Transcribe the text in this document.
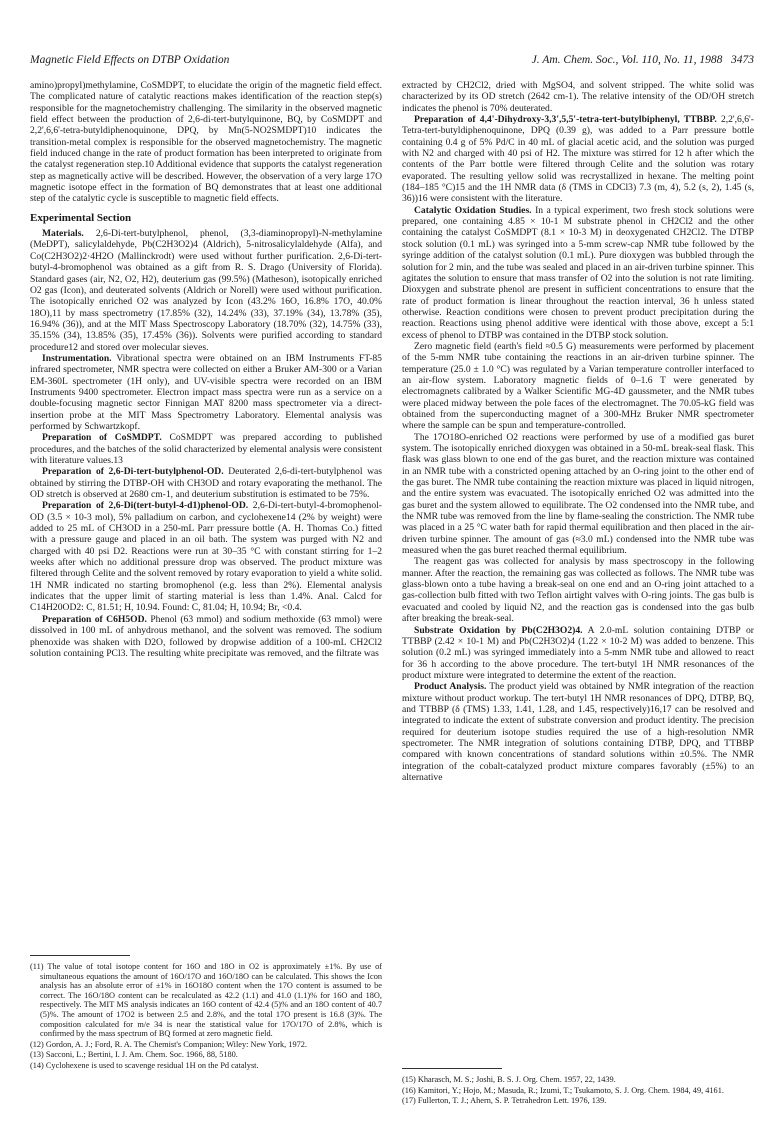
Magnetic Field Effects on DTBP Oxidation	J. Am. Chem. Soc., Vol. 110, No. 11, 1988 3473

amino)propyl)methylamine, CoSMDPT, to elucidate the origin of the magnetic field effect. The complicated nature of catalytic reactions makes identification of the reaction step(s) responsible for the magnetochemistry challenging. The similarity in the observed magnetic field effect between the production of 2,6-di-tert-butylquinone, BQ, by CoSMDPT and 2,2',6,6'-tetra-butyldiphenoquinone, DPQ, by Mn(5-NO2SMDPT)10 indicates the transition-metal complex is responsible for the observed magnetochemistry. The magnetic field induced change in the rate of product formation has been interpreted to originate from the catalyst regeneration step.10 Additional evidence that supports the catalyst regeneration step as magnetically active will be described. However, the observation of a very large 17O magnetic isotope effect in the formation of BQ demonstrates that at least one additional step of the catalytic cycle is susceptible to magnetic field effects.

Experimental Section

Materials. 2,6-Di-tert-butylphenol, phenol, (3,3-diaminopropyl)-N-methylamine (MeDPT), salicylaldehyde, Pb(C2H3O2)4 (Aldrich), 5-nitrosalicylaldehyde (Alfa), and Co(C2H3O2)2·4H2O (Mallinckrodt) were used without further purification. 2,6-Di-tert-butyl-4-bromophenol was obtained as a gift from R. S. Drago (University of Florida). Standard gases (air, N2, O2, H2), deuterium gas (99.5%) (Matheson), isotopically enriched O2 gas (Icon), and deuterated solvents (Aldrich or Norell) were used without purification. The isotopically enriched O2 was analyzed by Icon (43.2% 16O, 16.8% 17O, 40.0% 18O),11 by mass spectrometry (17.85% (32), 14.24% (33), 37.19% (34), 13.78% (35), 16.94% (36)), and at the MIT Mass Spectroscopy Laboratory (18.70% (32), 14.75% (33), 35.15% (34), 13.85% (35), 17.45% (36)). Solvents were purified according to standard procedure12 and stored over molecular sieves.

Instrumentation. Vibrational spectra were obtained on an IBM Instruments FT-85 infrared spectrometer, NMR spectra were collected on either a Bruker AM-300 or a Varian EM-360L spectrometer (1H only), and UV-visible spectra were recorded on an IBM Instruments 9400 spectrometer. Electron impact mass spectra were run as a service on a double-focusing magnetic sector Finnigan MAT 8200 mass spectrometer via a direct-insertion probe at the MIT Mass Spectrometry Laboratory. Elemental analysis was performed by Schwartzkopf.

Preparation of CoSMDPT. CoSMDPT was prepared according to published procedures, and the batches of the solid characterized by elemental analysis were consistent with literature values.13

Preparation of 2,6-Di-tert-butylphenol-OD. Deuterated 2,6-di-tert-butylphenol was obtained by stirring the DTBP-OH with CH3OD and rotary evaporating the methanol. The OD stretch is observed at 2680 cm-1, and deuterium substitution is estimated to be 75%.

Preparation of 2,6-Di(tert-butyl-4-d1)phenol-OD. 2,6-Di-tert-butyl-4-bromophenol-OD (3.5 × 10-3 mol), 5% palladium on carbon, and cyclohexene14 (2% by weight) were added to 25 mL of CH3OD in a 250-mL Parr pressure bottle (A. H. Thomas Co.) fitted with a pressure gauge and placed in an oil bath. The system was purged with N2 and charged with 40 psi D2. Reactions were run at 30–35 °C with constant stirring for 1–2 weeks after which no additional pressure drop was observed. The product mixture was filtered through Celite and the solvent removed by rotary evaporation to yield a white solid. 1H NMR indicated no starting bromophenol (e.g. less than 2%). Elemental analysis indicates that the upper limit of starting material is less than 1.4%. Anal. Calcd for C14H20OD2: C, 81.51; H, 10.94. Found: C, 81.04; H, 10.94; Br, <0.4.

Preparation of C6H5OD. Phenol (63 mmol) and sodium methoxide (63 mmol) were dissolved in 100 mL of anhydrous methanol, and the solvent was removed. The sodium phenoxide was shaken with D2O, followed by dropwise addition of a 100-mL CH2Cl2 solution containing PCl3. The resulting white precipitate was removed, and the filtrate was

extracted by CH2Cl2, dried with MgSO4, and solvent stripped. The white solid was characterized by its OD stretch (2642 cm-1). The relative intensity of the OD/OH stretch indicates the phenol is 70% deuterated.

Preparation of 4,4'-Dihydroxy-3,3',5,5'-tetra-tert-butylbiphenyl, TTBBP. 2,2',6,6'-Tetra-tert-butyldiphenoquinone, DPQ (0.39 g), was added to a Parr pressure bottle containing 0.4 g of 5% Pd/C in 40 mL of glacial acetic acid, and the solution was purged with N2 and charged with 40 psi of H2. The mixture was stirred for 12 h after which the contents of the Parr bottle were filtered through Celite and the solution was rotary evaporated. The resulting yellow solid was recrystallized in hexane. The melting point (184–185 °C)15 and the 1H NMR data (δ (TMS in CDCl3) 7.3 (m, 4), 5.2 (s, 2), 1.45 (s, 36))16 were consistent with the literature.

Catalytic Oxidation Studies. In a typical experiment, two fresh stock solutions were prepared, one containing 4.85 × 10-1 M substrate phenol in CH2Cl2 and the other containing the catalyst CoSMDPT (8.1 × 10-3 M) in deoxygenated CH2Cl2. The DTBP stock solution (0.1 mL) was syringed into a 5-mm screw-cap NMR tube followed by the syringe addition of the catalyst solution (0.1 mL). Pure dioxygen was bubbled through the solution for 2 min, and the tube was sealed and placed in an air-driven turbine spinner. This agitates the solution to ensure that mass transfer of O2 into the solution is not rate limiting. Dioxygen and substrate phenol are present in sufficient concentrations to ensure that the rate of product formation is linear throughout the reaction interval, 36 h unless stated otherwise. Reaction conditions were chosen to prevent product precipitation during the reaction. Reactions using phenol additive were identical with those above, except a 5:1 excess of phenol to DTBP was contained in the DTBP stock solution.

Zero magnetic field (earth's field ≈0.5 G) measurements were performed by placement of the 5-mm NMR tube containing the reactions in an air-driven turbine spinner. The temperature (25.0 ± 1.0 °C) was regulated by a Varian temperature controller interfaced to an air-flow system. Laboratory magnetic fields of 0–1.6 T were generated by electromagnets calibrated by a Walker Scientific MG-4D gaussmeter, and the NMR tubes were placed midway between the pole faces of the electromagnet. The 70.05-kG field was obtained from the superconducting magnet of a 300-MHz Bruker NMR spectrometer where the sample can be spun and temperature-controlled.

The 17O18O-enriched O2 reactions were performed by use of a modified gas buret system. The isotopically enriched dioxygen was obtained in a 50-mL break-seal flask. This flask was glass blown to one end of the gas buret, and the reaction mixture was contained in an NMR tube with a constricted opening attached by an O-ring joint to the other end of the gas buret. The NMR tube containing the reaction mixture was placed in liquid nitrogen, and the entire system was evacuated. The isotopically enriched O2 was admitted into the gas buret and the system allowed to equilibrate. The O2 condensed into the NMR tube, and the NMR tube was removed from the line by flame-sealing the constriction. The NMR tube was placed in a 25 °C water bath for rapid thermal equilibration and then placed in the air-driven turbine spinner. The amount of gas (≈3.0 mL) condensed into the NMR tube was measured when the gas buret reached thermal equilibrium.

The reagent gas was collected for analysis by mass spectroscopy in the following manner. After the reaction, the remaining gas was collected as follows. The NMR tube was glass-blown onto a tube having a break-seal on one end and an O-ring joint attached to a gas-collection bulb fitted with two Teflon airtight valves with O-ring joints. The gas bulb is evacuated and cooled by liquid N2, and the reaction gas is condensed into the gas bulb after breaking the break-seal.

Substrate Oxidation by Pb(C2H3O2)4. A 2.0-mL solution containing DTBP or TTBBP (2.42 × 10-1 M) and Pb(C2H3O2)4 (1.22 × 10-2 M) was added to benzene. This solution (0.2 mL) was syringed immediately into a 5-mm NMR tube and allowed to react for 36 h according to the above procedure. The tert-butyl 1H NMR resonances of the product mixture were integrated to determine the extent of the reaction.

Product Analysis. The product yield was obtained by NMR integration of the reaction mixture without product workup. The tert-butyl 1H NMR resonances of DPQ, DTBP, BQ, and TTBBP (δ (TMS) 1.33, 1.41, 1.28, and 1.45, respectively)16,17 can be resolved and integrated to indicate the extent of substrate conversion and product identity. The precision required for deuterium isotope studies required the use of a high-resolution NMR spectrometer. The NMR integration of solutions containing DTBP, DPQ, and TTBBP compared with known concentrations of standard solutions within ±0.5%. The NMR integration of the cobalt-catalyzed product mixture compares favorably (±5%) to an alternative

(11) The value of total isotope content for 16O and 18O in O2 is approximately ±1%. By use of simultaneous equations the amount of 16O/17O and 16O/18O can be calculated. This shows the Icon analysis has an absolute error of ±1% in 16O18O content when the 17O content is assumed to be correct. The 16O/18O content can be recalculated as 42.2 (1.1) and 41.0 (1.1)% for 16O and 18O, respectively. The MIT MS analysis indicates an 16O content of 42.4 (5)% and an 18O content of 40.7 (5)%. The amount of 17O2 is between 2.5 and 2.8%, and the total 17O present is 16.8 (3)%. The composition calculated for m/e 34 is near the statistical value for 17O/17O of 2.8%, which is confirmed by the mass spectrum of BQ formed at zero magnetic field.

(12) Gordon, A. J.; Ford, R. A. The Chemist's Companion; Wiley: New York, 1972.

(13) Sacconi, L.; Bertini, I. J. Am. Chem. Soc. 1966, 88, 5180.

(14) Cyclohexene is used to scavenge residual 1H on the Pd catalyst.

(15) Kharasch, M. S.; Joshi, B. S. J. Org. Chem. 1957, 22, 1439.

(16) Kamitori, Y.; Hojo, M.; Masuda, R.; Izumi, T.; Tsukamoto, S. J. Org. Chem. 1984, 49, 4161.

(17) Fullerton, T. J.; Ahern, S. P. Tetrahedron Lett. 1976, 139.
